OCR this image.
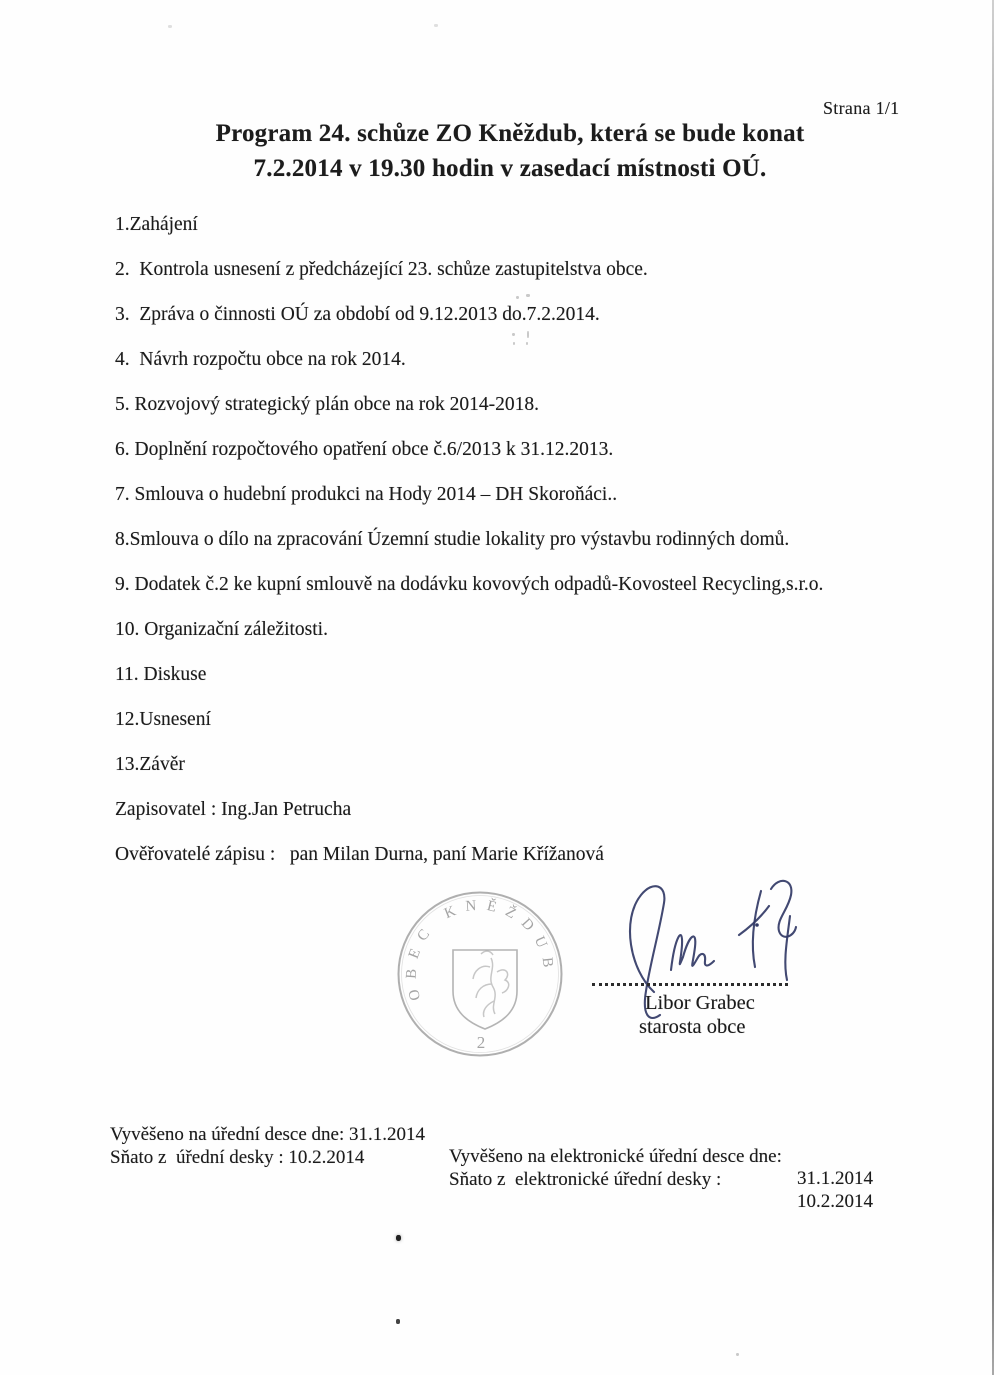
Strana 1/1
Program 24. schůze ZO Kněždub, která se bude konat
7.2.2014 v 19.30 hodin v zasedací místnosti OÚ.
1.Zahájení
2.  Kontrola usnesení z předcházející 23. schůze zastupitelstva obce.
3.  Zpráva o činnosti OÚ za období od 9.12.2013 do.7.2.2014.
4.  Návrh rozpočtu obce na rok 2014.
5. Rozvojový strategický plán obce na rok 2014-2018.
6. Doplnění rozpočtového opatření obce č.6/2013 k 31.12.2013.
7. Smlouva o hudební produkci na Hody 2014 – DH Skoroňáci..
8.Smlouva o dílo na zpracování Územní studie lokality pro výstavbu rodinných domů.
9. Dodatek č.2 ke kupní smlouvě na dodávku kovových odpadů-Kovosteel Recycling,s.r.o.
10. Organizační záležitosti.
11. Diskuse
12.Usnesení
13.Závěr
Zapisovatel : Ing.Jan Petrucha
Ověřovatelé zápisu :   pan Milan Durna, paní Marie Křížanová
OBEC KNĚŽDUB
2
Libor Grabec
starosta obce

Vyvěšeno na úřední desce dne: 31.1.2014

Vyvěšeno na elektronické úřední desce dne:

31.1.2014

Sňato z  úřední desky : 10.2.2014

Sňato z  elektronické úřední desky :

10.2.2014
